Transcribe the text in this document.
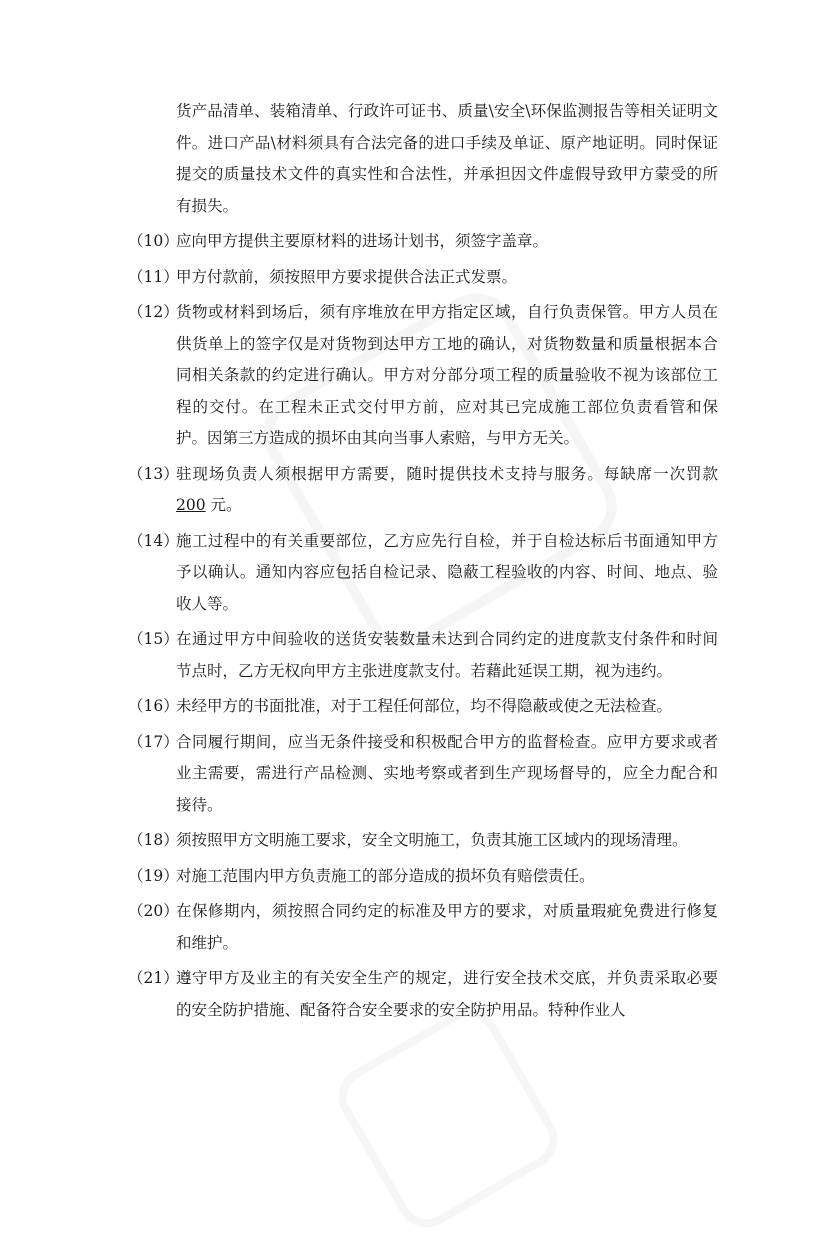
货产品清单、装箱清单、行政许可证书、质量\安全\环保监测报告等相关证明文件。进口产品\材料须具有合法完备的进口手续及单证、原产地证明。同时保证提交的质量技术文件的真实性和合法性，并承担因文件虚假导致甲方蒙受的所有损失。

（10）
应向甲方提供主要原材料的进场计划书，须签字盖章。
（11）
甲方付款前，须按照甲方要求提供合法正式发票。
（12）
货物或材料到场后，须有序堆放在甲方指定区域，自行负责保管。甲方人员在供货单上的签字仅是对货物到达甲方工地的确认，对货物数量和质量根据本合同相关条款的约定进行确认。甲方对分部分项工程的质量验收不视为该部位工程的交付。在工程未正式交付甲方前，应对其已完成施工部位负责看管和保护。因第三方造成的损坏由其向当事人索赔，与甲方无关。
（13）
驻现场负责人须根据甲方需要，随时提供技术支持与服务。每缺席一次罚款 200 元。
（14）
施工过程中的有关重要部位，乙方应先行自检，并于自检达标后书面通知甲方予以确认。通知内容应包括自检记录、隐蔽工程验收的内容、时间、地点、验收人等。
（15）
在通过甲方中间验收的送货安装数量未达到合同约定的进度款支付条件和时间节点时，乙方无权向甲方主张进度款支付。若藉此延误工期，视为违约。
（16）
未经甲方的书面批准，对于工程任何部位，均不得隐蔽或使之无法检查。
（17）
合同履行期间，应当无条件接受和积极配合甲方的监督检查。应甲方要求或者业主需要，需进行产品检测、实地考察或者到生产现场督导的，应全力配合和接待。
（18）
须按照甲方文明施工要求，安全文明施工，负责其施工区域内的现场清理。
（19）
对施工范围内甲方负责施工的部分造成的损坏负有赔偿责任。
（20）
在保修期内，须按照合同约定的标准及甲方的要求，对质量瑕疵免费进行修复和维护。
（21）
遵守甲方及业主的有关安全生产的规定，进行安全技术交底，并负责采取必要的安全防护措施、配备符合安全要求的安全防护用品。特种作业人
